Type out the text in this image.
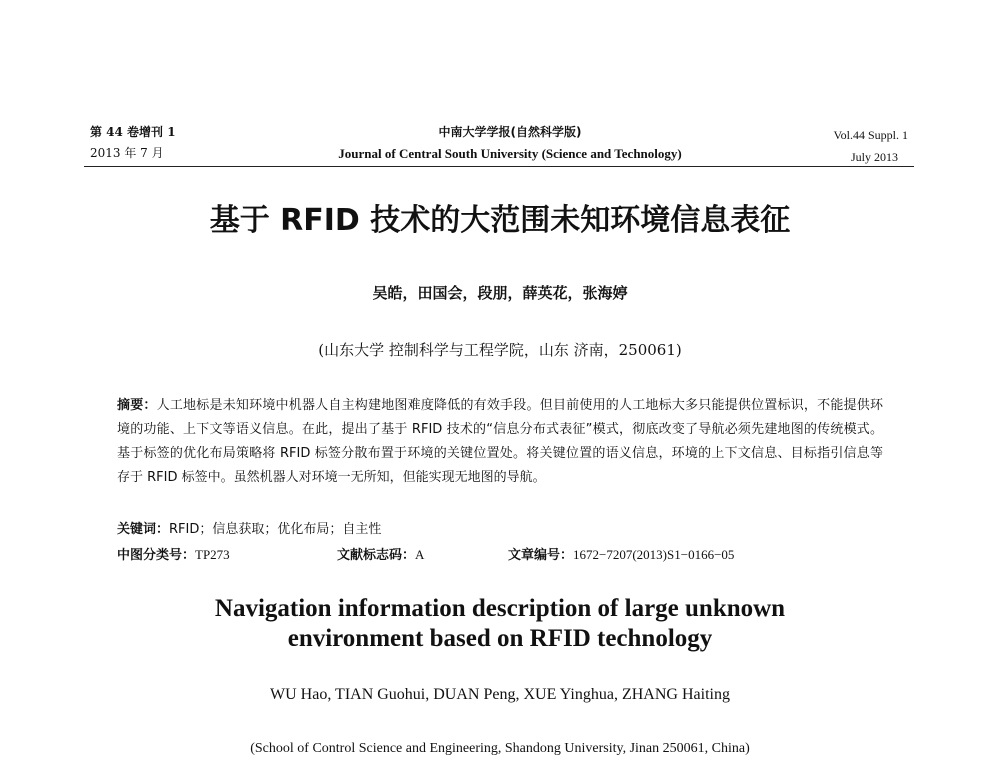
第 44 卷增刊 1
2013 年 7 月
中南大学学报(自然科学版)
Journal of Central South University (Science and Technology)
Vol.44 Suppl. 1
July 2013
基于 RFID 技术的大范围未知环境信息表征
吴皓，田国会，段朋，薛英花，张海婷
(山东大学 控制科学与工程学院，山东 济南，250061)
摘要：人工地标是未知环境中机器人自主构建地图难度降低的有效手段。但目前使用的人工地标大多只能提供位置标识，不能提供环境的功能、上下文等语义信息。在此，提出了基于 RFID 技术的“信息分布式表征”模式，彻底改变了导航必须先建地图的传统模式。基于标签的优化布局策略将 RFID 标签分散布置于环境的关键位置处。将关键位置的语义信息，环境的上下文信息、目标指引信息等存于 RFID 标签中。虽然机器人对环境一无所知，但能实现无地图的导航。
关键词：RFID；信息获取；优化布局；自主性
中图分类号：TP273	文献标志码：A	文章编号：1672−7207(2013)S1−0166−05
Navigation information description of large unknown
environment based on RFID technology
WU Hao, TIAN Guohui, DUAN Peng, XUE Yinghua, ZHANG Haiting
(School of Control Science and Engineering, Shandong University, Jinan 250061, China)
